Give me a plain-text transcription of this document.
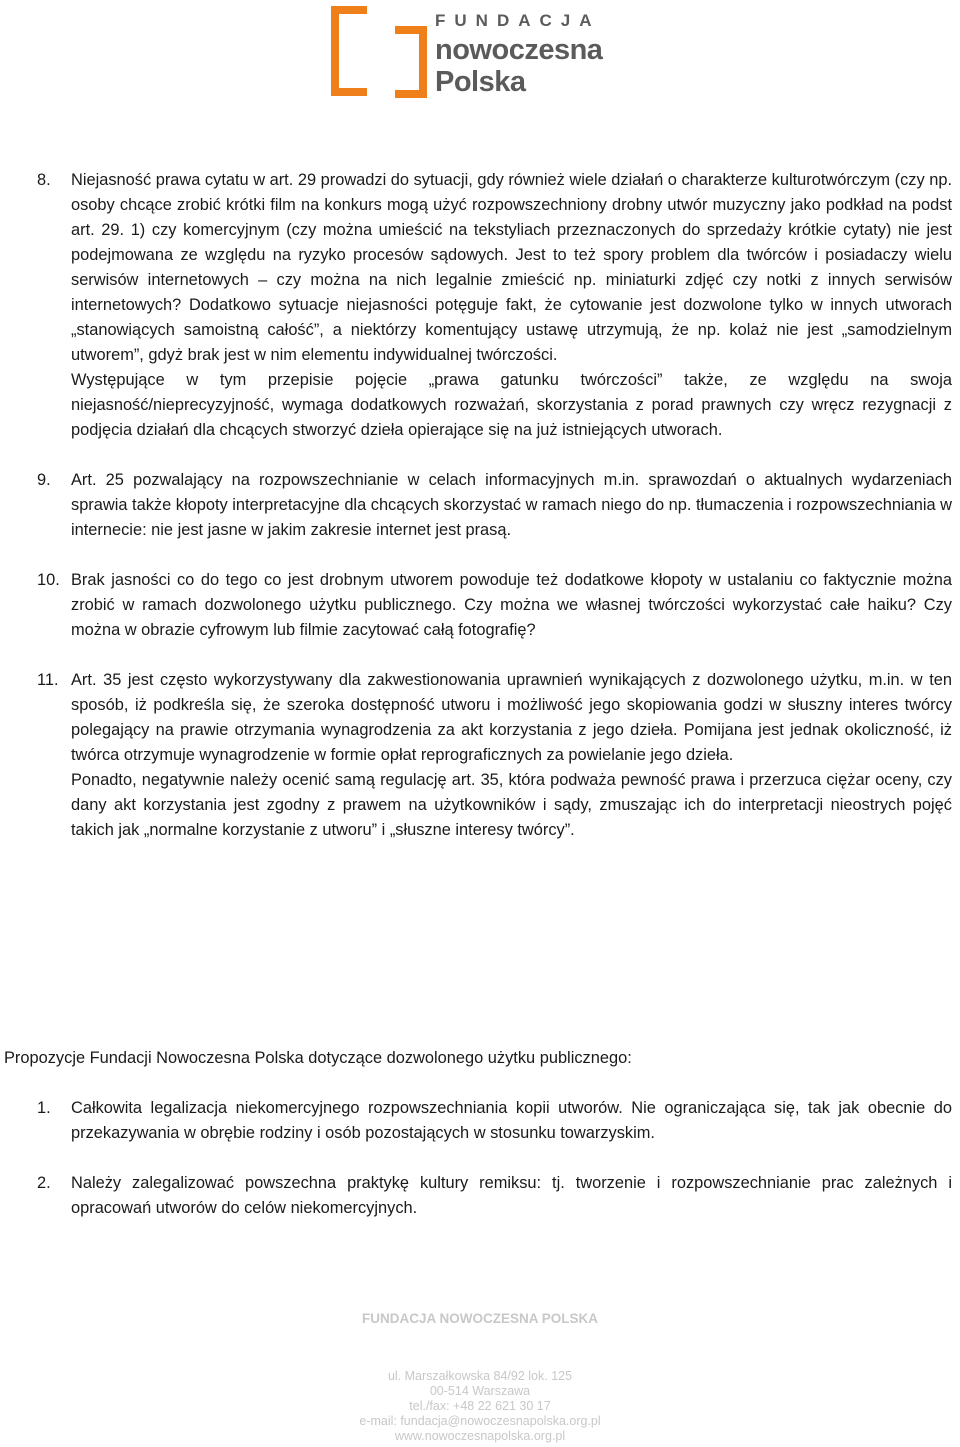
FUNDACJA
nowoczesna
Polska
8. Niejasność prawa cytatu w art. 29 prowadzi do sytuacji, gdy również wiele działań o charakterze kulturotwórczym (czy np. osoby chcące zrobić krótki film na konkurs mogą użyć rozpowszechniony drobny utwór muzyczny jako podkład na podst art. 29. 1) czy komercyjnym (czy można umieścić na tekstyliach przeznaczonych do sprzedaży krótkie cytaty) nie jest podejmowana ze względu na ryzyko procesów sądowych. Jest to też spory problem dla twórców i posiadaczy wielu serwisów internetowych – czy można na nich legalnie zmieścić np. miniaturki zdjęć czy notki z innych serwisów internetowych? Dodatkowo sytuacje niejasności potęguje fakt, że cytowanie jest dozwolone tylko w innych utworach „stanowiących samoistną całość”, a niektórzy komentujący ustawę utrzymują, że np. kolaż nie jest „samodzielnym utworem”, gdyż brak jest w nim elementu indywidualnej twórczości.

Występujące w tym przepisie pojęcie „prawa gatunku twórczości” także, ze względu na swoja niejasność/nieprecyzyjność, wymaga dodatkowych rozważań, skorzystania z porad prawnych czy wręcz rezygnacji z podjęcia działań dla chcących stworzyć dzieła opierające się na już istniejących utworach.

9. Art. 25 pozwalający na rozpowszechnianie w celach informacyjnych m.in. sprawozdań o aktualnych wydarzeniach sprawia także kłopoty interpretacyjne dla chcących skorzystać w ramach niego do np. tłumaczenia i rozpowszechniania w internecie: nie jest jasne w jakim zakresie internet jest prasą.

10. Brak jasności co do tego co jest drobnym utworem powoduje też dodatkowe kłopoty w ustalaniu co faktycznie można zrobić w ramach dozwolonego użytku publicznego. Czy można we własnej twórczości wykorzystać całe haiku? Czy można w obrazie cyfrowym lub filmie zacytować całą fotografię?

11. Art. 35 jest często wykorzystywany dla zakwestionowania uprawnień wynikających z dozwolonego użytku, m.in. w ten sposób, iż podkreśla się, że szeroka dostępność utworu i możliwość jego skopiowania godzi w słuszny interes twórcy polegający na prawie otrzymania wynagrodzenia za akt korzystania z jego dzieła. Pomijana jest jednak okoliczność, iż twórca otrzymuje wynagrodzenie w formie opłat reprograficznych za powielanie jego dzieła.

Ponadto, negatywnie należy ocenić samą regulację art. 35, która podważa pewność prawa i przerzuca ciężar oceny, czy dany akt korzystania jest zgodny z prawem na użytkowników i sądy, zmuszając ich do interpretacji nieostrych pojęć takich jak „normalne korzystanie z utworu” i „słuszne interesy twórcy”.

Propozycje Fundacji Nowoczesna Polska dotyczące dozwolonego użytku publicznego:
1. Całkowita legalizacja niekomercyjnego rozpowszechniania kopii utworów. Nie ograniczająca się, tak jak obecnie do przekazywania w obrębie rodziny i osób pozostających w stosunku towarzyskim.

2. Należy zalegalizować powszechna praktykę kultury remiksu: tj. tworzenie i rozpowszechnianie prac zależnych i opracowań utworów do celów niekomercyjnych.

FUNDACJA NOWOCZESNA POLSKA
ul. Marszałkowska 84/92 lok. 125
00-514 Warszawa
tel./fax: +48 22 621 30 17
e-mail: fundacja@nowoczesnapolska.org.pl
www.nowoczesnapolska.org.pl
